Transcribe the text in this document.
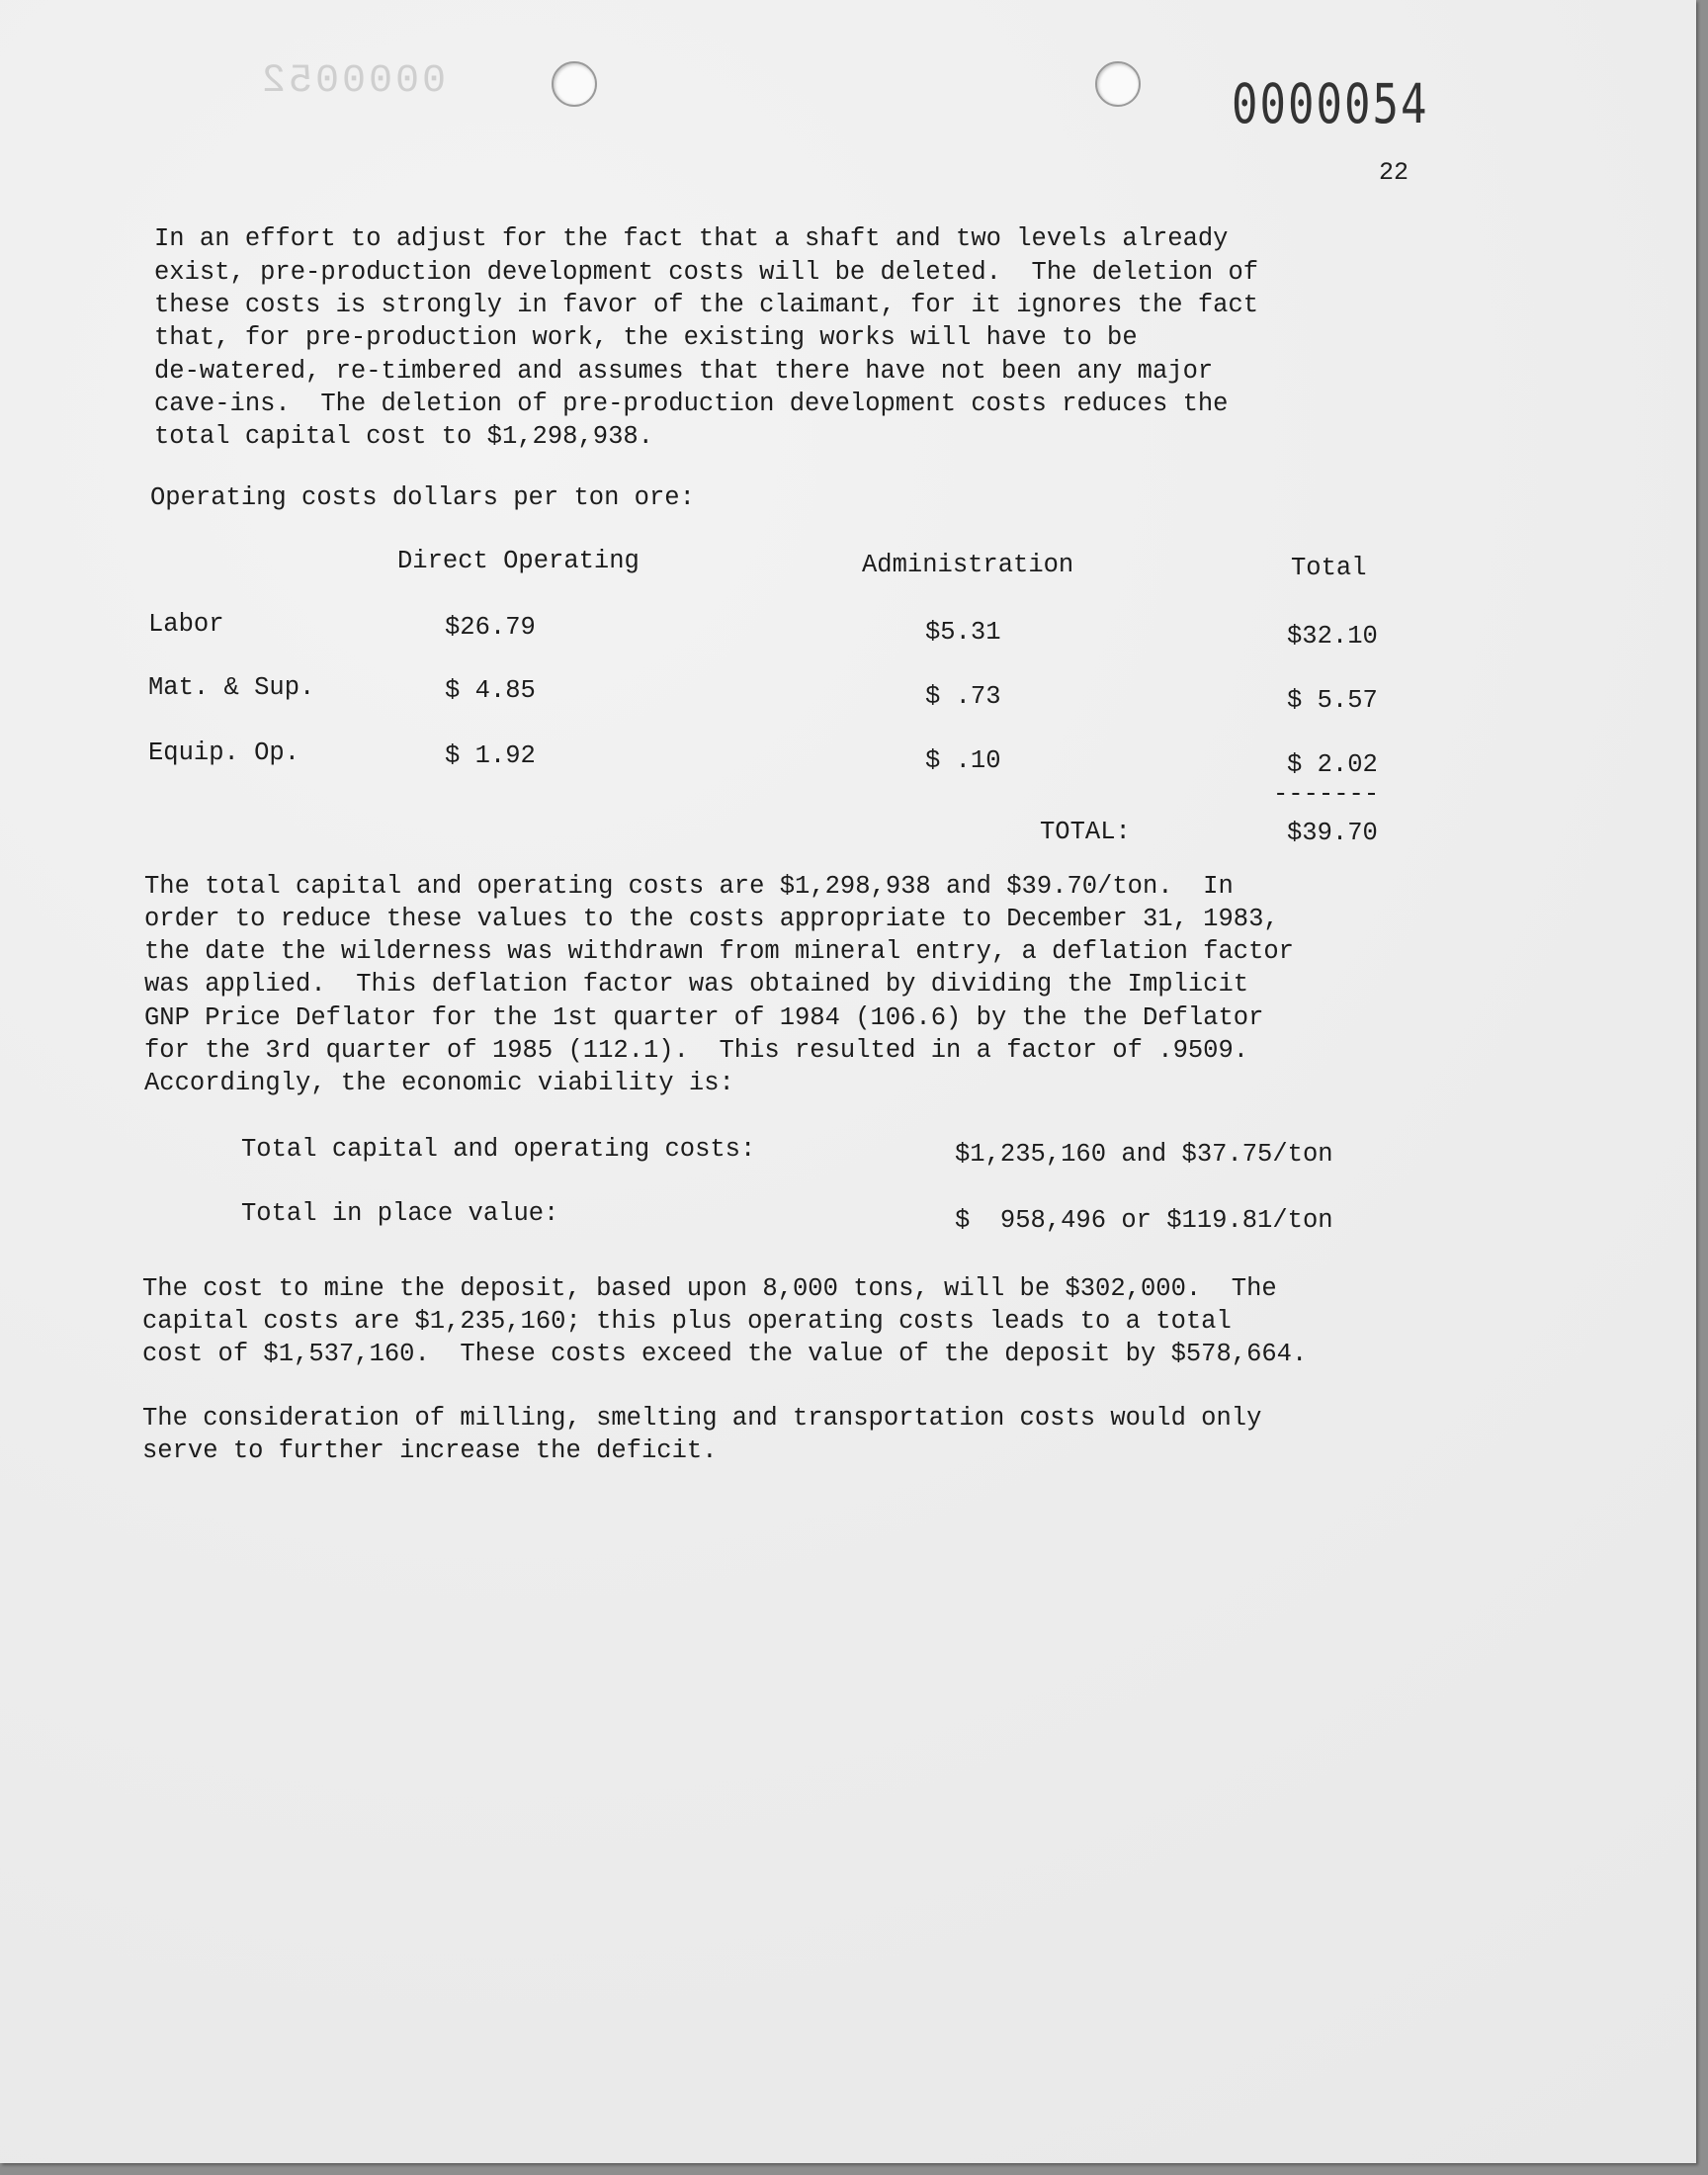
0000052	0000054
22
In an effort to adjust for the fact that a shaft and two levels already
exist, pre-production development costs will be deleted.  The deletion of
these costs is strongly in favor of the claimant, for it ignores the fact
that, for pre-production work, the existing works will have to be
de-watered, re-timbered and assumes that there have not been any major
cave-ins.  The deletion of pre-production development costs reduces the
total capital cost to $1,298,938.
Operating costs dollars per ton ore:
Direct Operating	Administration	Total
Labor	$26.79	$5.31	$32.10
Mat. & Sup.	$ 4.85	$ .73	$ 5.57
Equip. Op.	$ 1.92	$ .10	$ 2.02
-------
TOTAL:	$39.70
The total capital and operating costs are $1,298,938 and $39.70/ton.  In
order to reduce these values to the costs appropriate to December 31, 1983,
the date the wilderness was withdrawn from mineral entry, a deflation factor
was applied.  This deflation factor was obtained by dividing the Implicit
GNP Price Deflator for the 1st quarter of 1984 (106.6) by the the Deflator
for the 3rd quarter of 1985 (112.1).  This resulted in a factor of .9509.
Accordingly, the economic viability is:
Total capital and operating costs:	$1,235,160 and $37.75/ton
Total in place value:	$  958,496 or $119.81/ton
The cost to mine the deposit, based upon 8,000 tons, will be $302,000.  The
capital costs are $1,235,160; this plus operating costs leads to a total
cost of $1,537,160.  These costs exceed the value of the deposit by $578,664.
The consideration of milling, smelting and transportation costs would only
serve to further increase the deficit.
